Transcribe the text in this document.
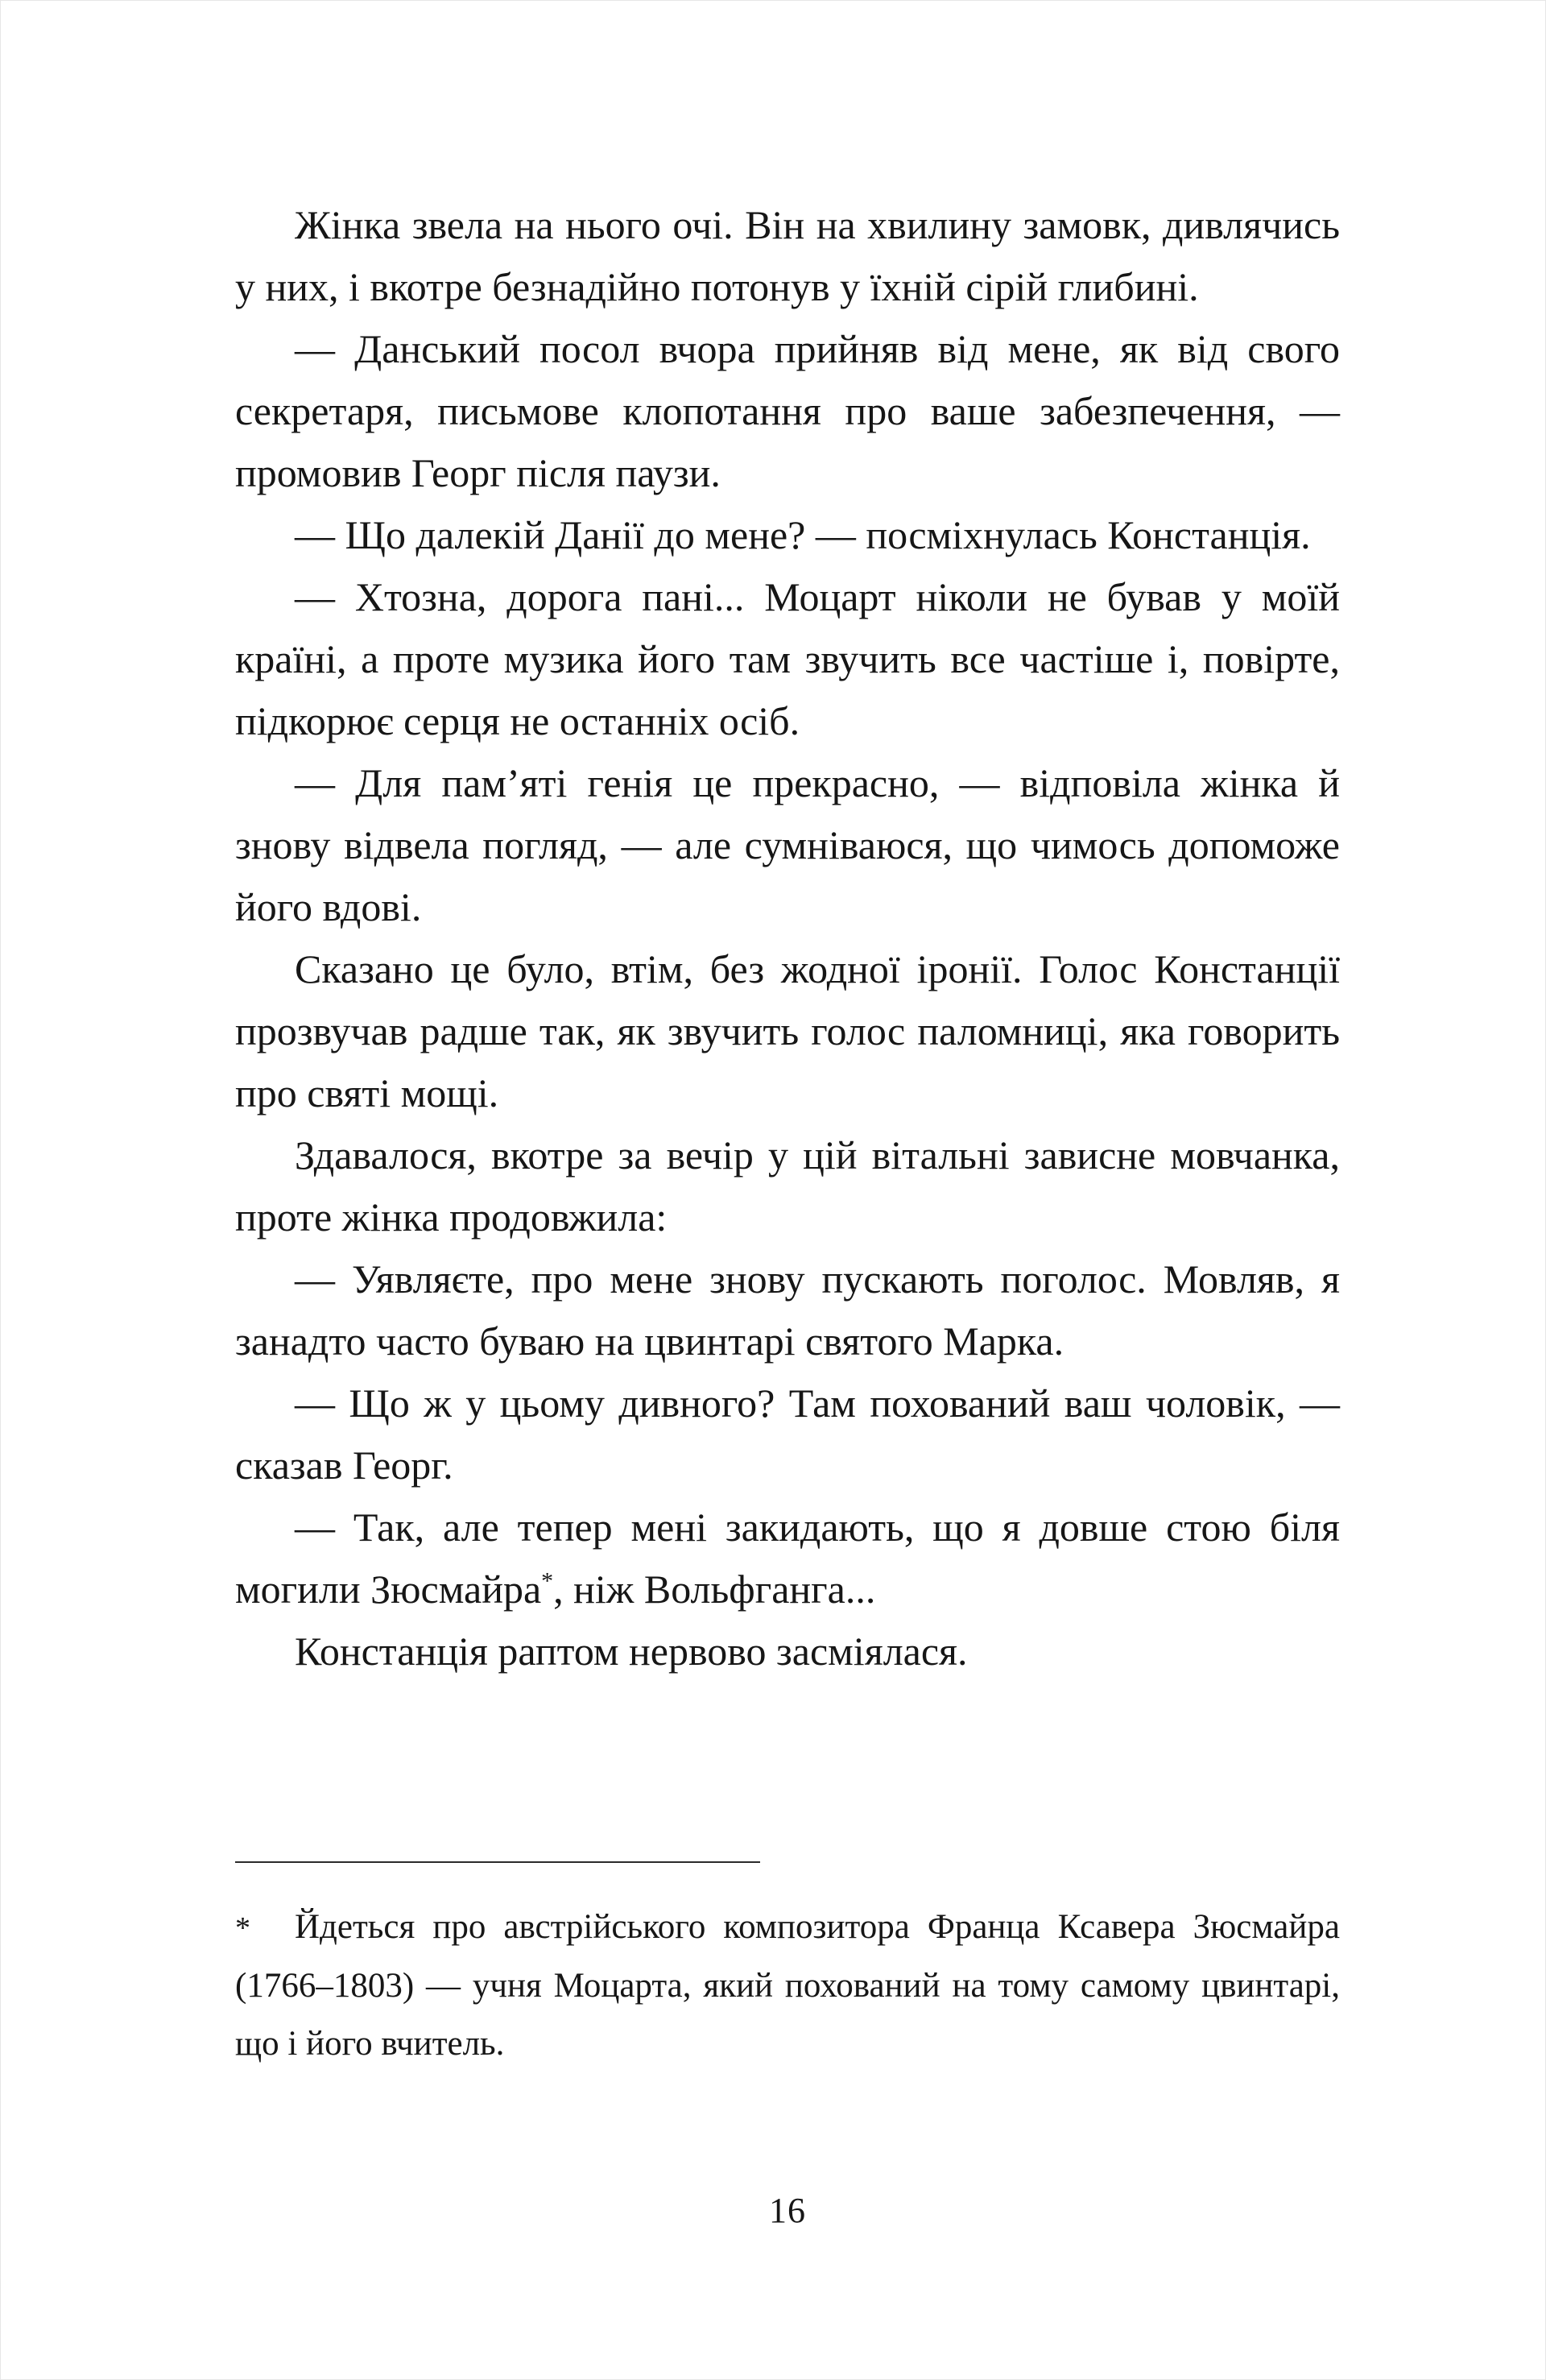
Жінка звела на нього очі. Він на хвилину замовк, дивлячись у них, і вкотре безнадійно потонув у їхній сірій глибині.

— Данський посол вчора прийняв від мене, як від свого секретаря, письмове клопотання про ваше забезпечення, — промовив Георг після паузи.

— Що далекій Данії до мене? — посміхнулась Констанція.

— Хтозна, дорога пані... Моцарт ніколи не бував у моїй країні, а проте музика його там звучить все частіше і, повірте, підкорює серця не останніх осіб.

— Для пам’яті генія це прекрасно, — відповіла жінка й знову відвела погляд, — але сумніваюся, що чимось допоможе його вдові.

Сказано це було, втім, без жодної іронії. Голос Констанції прозвучав радше так, як звучить голос паломниці, яка говорить про святі мощі.

Здавалося, вкотре за вечір у цій вітальні зависне мовчанка, проте жінка продовжила:

— Уявляєте, про мене знову пускають поголос. Мовляв, я занадто часто буваю на цвинтарі святого Марка.

— Що ж у цьому дивного? Там похований ваш чоловік, — сказав Георг.

— Так, але тепер мені закидають, що я довше стою біля могили Зюсмайра*, ніж Вольфганга...

Констанція раптом нервово засміялася.

* Йдеться про австрійського композитора Франца Ксавера Зюсмайра (1766–1803) — учня Моцарта, який похований на тому самому цвинтарі, що і його вчитель.

16
